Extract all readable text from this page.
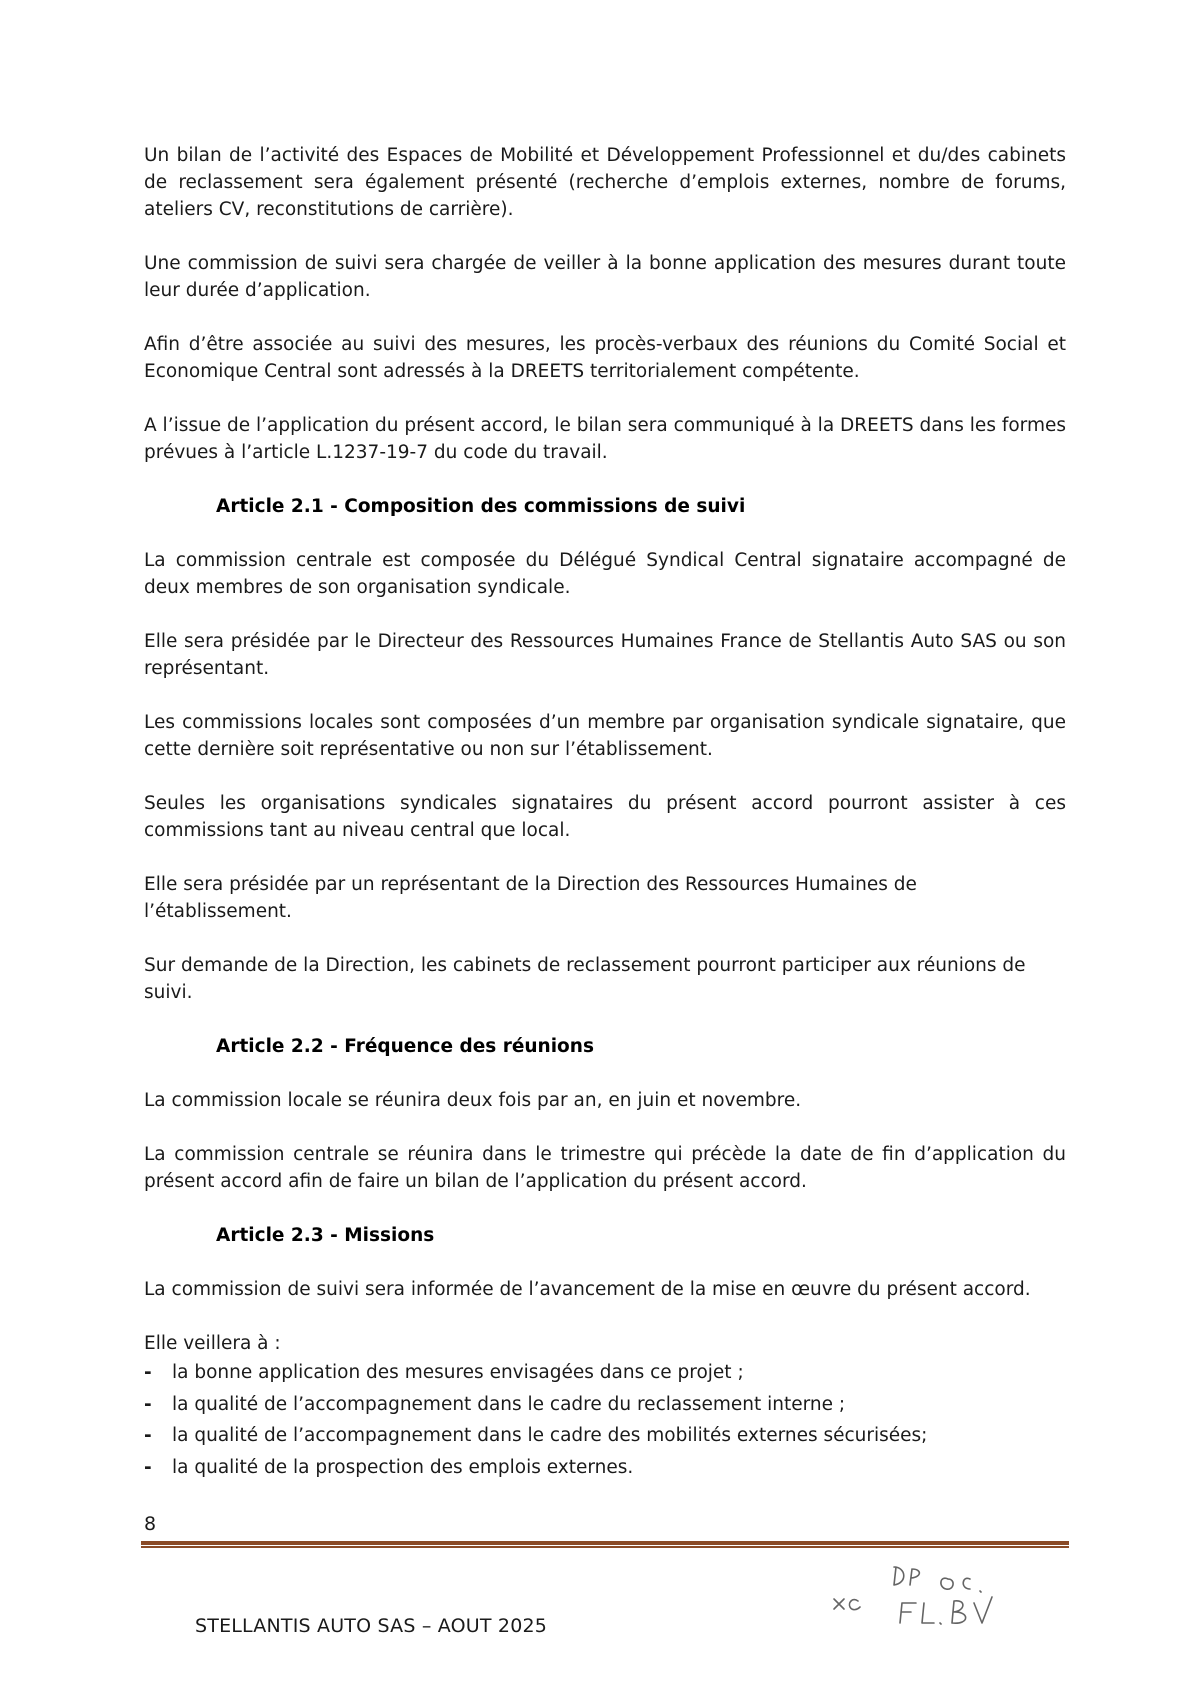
Un bilan de l’activité des Espaces de Mobilité et Développement Professionnel et du/des cabinets de reclassement sera également présenté (recherche d’emplois externes, nombre de forums, ateliers CV, reconstitutions de carrière).

Une commission de suivi sera chargée de veiller à la bonne application des mesures durant toute leur durée d’application.

Afin d’être associée au suivi des mesures, les procès-verbaux des réunions du Comité Social et Economique Central sont adressés à la DREETS territorialement compétente.

A l’issue de l’application du présent accord, le bilan sera communiqué à la DREETS dans les formes prévues à l’article L.1237-19-7 du code du travail.

Article 2.1 - Composition des commissions de suivi

La commission centrale est composée du Délégué Syndical Central signataire accompagné de deux membres de son organisation syndicale.

Elle sera présidée par le Directeur des Ressources Humaines France de Stellantis Auto SAS ou son représentant.

Les commissions locales sont composées d’un membre par organisation syndicale signataire, que cette dernière soit représentative ou non sur l’établissement.

Seules les organisations syndicales signataires du présent accord pourront assister à ces commissions tant au niveau central que local.

Elle sera présidée par un représentant de la Direction des Ressources Humaines de l’établissement.

Sur demande de la Direction, les cabinets de reclassement pourront participer aux réunions de suivi.

Article 2.2 - Fréquence des réunions

La commission locale se réunira deux fois par an, en juin et novembre.

La commission centrale se réunira dans le trimestre qui précède la date de fin d’application du présent accord afin de faire un bilan de l’application du présent accord.

Article 2.3 - Missions

La commission de suivi sera informée de l’avancement de la mise en œuvre du présent accord.

Elle veillera à :

-	la bonne application des mesures envisagées dans ce projet ;
-	la qualité de l’accompagnement dans le cadre du reclassement interne ;
-	la qualité de l’accompagnement dans le cadre des mobilités externes sécurisées;
-	la qualité de la prospection des emplois externes.
8
STELLANTIS AUTO SAS – AOUT 2025
